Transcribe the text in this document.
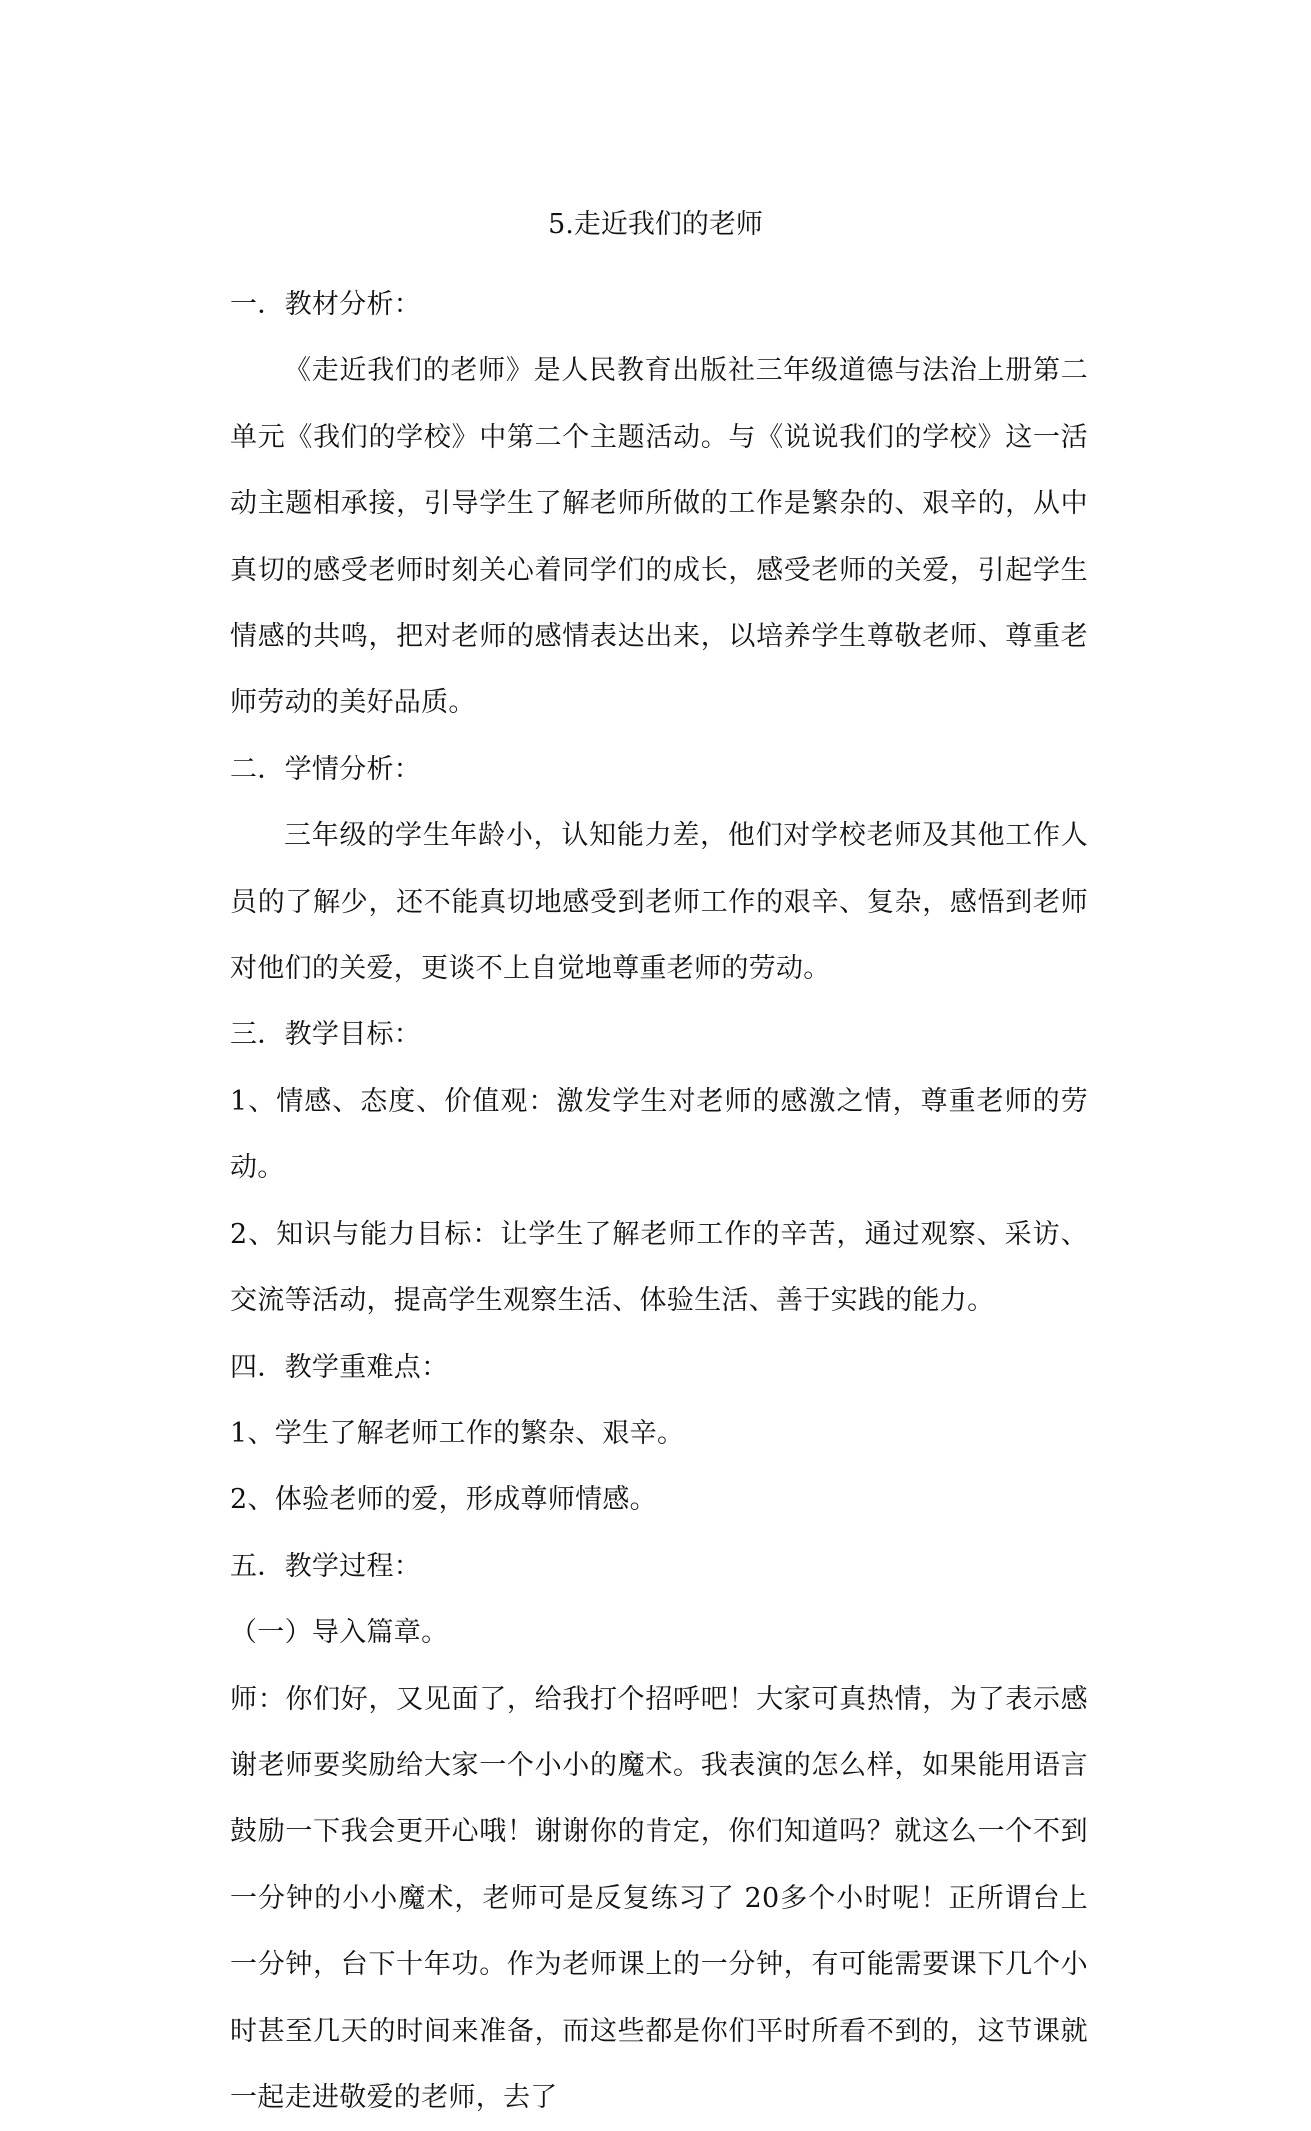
5.走近我们的老师

一．教材分析：

《走近我们的老师》是人民教育出版社三年级道德与法治上册第二单元《我们的学校》中第二个主题活动。与《说说我们的学校》这一活动主题相承接，引导学生了解老师所做的工作是繁杂的、艰辛的，从中真切的感受老师时刻关心着同学们的成长，感受老师的关爱，引起学生情感的共鸣，把对老师的感情表达出来，以培养学生尊敬老师、尊重老师劳动的美好品质。

二．学情分析：

三年级的学生年龄小，认知能力差，他们对学校老师及其他工作人员的了解少，还不能真切地感受到老师工作的艰辛、复杂，感悟到老师对他们的关爱，更谈不上自觉地尊重老师的劳动。

三．教学目标：

1、情感、态度、价值观：激发学生对老师的感激之情，尊重老师的劳动。

2、知识与能力目标：让学生了解老师工作的辛苦，通过观察、采访、交流等活动，提高学生观察生活、体验生活、善于实践的能力。

四．教学重难点：

1、学生了解老师工作的繁杂、艰辛。

2、体验老师的爱，形成尊师情感。

五．教学过程：

（一）导入篇章。

师：你们好，又见面了，给我打个招呼吧！大家可真热情，为了表示感谢老师要奖励给大家一个小小的魔术。我表演的怎么样，如果能用语言鼓励一下我会更开心哦！谢谢你的肯定，你们知道吗？就这么一个不到一分钟的小小魔术，老师可是反复练习了 20多个小时呢！正所谓台上一分钟，台下十年功。作为老师课上的一分钟，有可能需要课下几个小时甚至几天的时间来准备，而这些都是你们平时所看不到的，这节课就一起走进敬爱的老师，去了
